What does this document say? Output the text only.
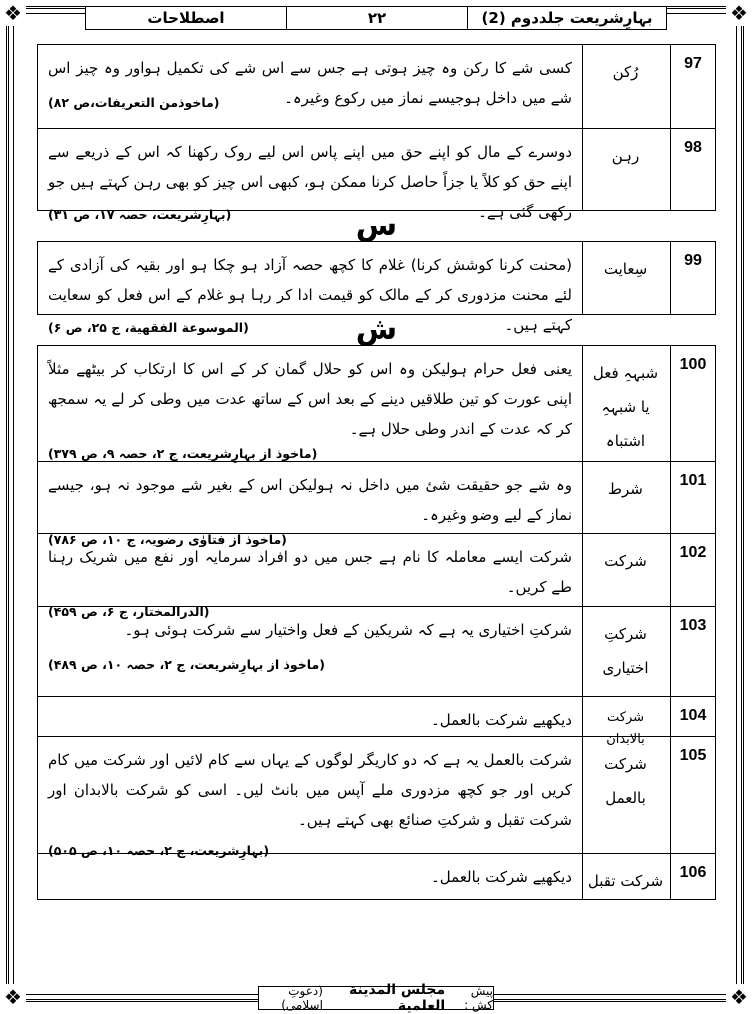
❖	❖
❖	❖
بہارِشریعت جلددوم (2)
۲۲
اصطلاحات
97
رُکن
کسی شے کا رکن وہ چیز ہوتی ہے جس سے اس شے کی تکمیل ہواور وہ چیز اس شے میں داخل ہوجیسے نماز میں رکوع وغیرہ۔
(ماخوذمن التعریفات،ص ۸۲)
98
رہن
دوسرے کے مال کو اپنے حق میں اپنے پاس اس لیے روک رکھنا کہ اس کے ذریعے سے اپنے حق کو کلاً یا جزاً حاصل کرنا ممکن ہو، کبھی اس چیز کو بھی رہن کہتے ہیں جو رکھی گئی ہے۔
(بہارِشریعت، حصہ ۱۷، ص ۳۱)	س
99
سِعایت
(محنت کرنا کوشش کرنا) غلام کا کچھ حصہ آزاد ہو چکا ہو اور بقیہ کی آزادی کے لئے محنت مزدوری کر کے مالک کو قیمت ادا کر رہا ہو غلام کے اس فعل کو سعایت کہتے ہیں۔
(الموسوعة الفقهية، ج ۲۵، ص ۶)	ش
100
شبہہِ فعل یا شبہہِ اشتباہ
یعنی فعل حرام ہولیکن وہ اس کو حلال گمان کر کے اس کا ارتکاب کر بیٹھے مثلاً اپنی عورت کو تین طلاقیں دینے کے بعد اس کے ساتھ عدت میں وطی کر لے یہ سمجھ کر کہ عدت کے اندر وطی حلال ہے۔
(ماخوذ از بہارِشریعت، ج ۲، حصہ ۹، ص ۳۷۹)
101
شرط
وہ شے جو حقیقت شیٔ میں داخل نہ ہولیکن اس کے بغیر شے موجود نہ ہو، جیسے نماز کے لیے وضو وغیرہ۔
(ماخوذ از فتاوٰی رضویہ، ج ۱۰، ص ۷۸۶)
102
شرکت
شرکت ایسے معاملہ کا نام ہے جس میں دو افراد سرمایہ اور نفع میں شریک رہنا طے کریں۔
(الدرالمختار، ج ۶، ص ۴۵۹)
103
شرکتِ اختیاری
شرکتِ اختیاری یہ ہے کہ شریکین کے فعل واختیار سے شرکت ہوئی ہو۔
(ماخوذ از بہارِشریعت، ج ۲، حصہ ۱۰، ص ۴۸۹)
104
شرکت بالابدان
دیکھیے شرکت بالعمل۔
105
شرکت بالعمل
شرکت بالعمل یہ ہے کہ دو کاریگر لوگوں کے یہاں سے کام لائیں اور شرکت میں کام کریں اور جو کچھ مزدوری ملے آپس میں بانٹ لیں۔ اسی کو شرکت بالابدان اور شرکت تقبل و شرکتِ صنائع بھی کہتے ہیں۔
(بہارِشریعت، ج ۲، حصہ ۱۰، ص ۵۰۵)
106
شرکت تقبل
دیکھیے شرکت بالعمل۔
پیش کش :
مجلس المدينة العلمية
(دعوتِ اسلامی)
